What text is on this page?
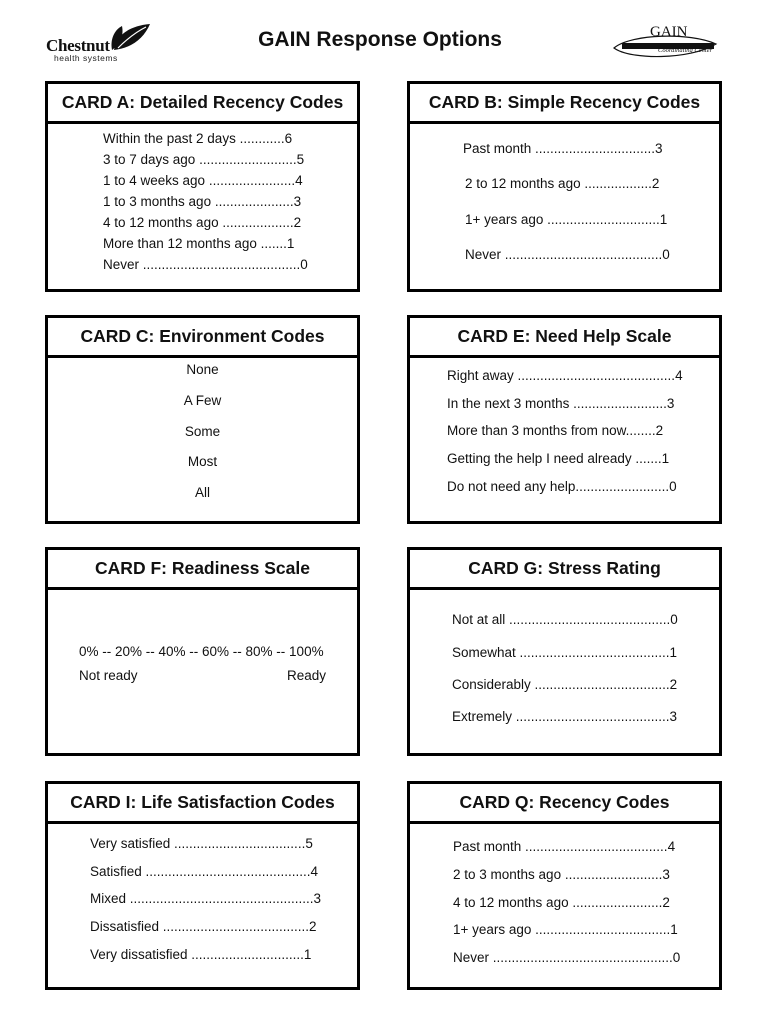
Chestnut
health systems
GAIN Response Options	GAIN
Coordinating Center
CARD A: Detailed Recency Codes
Within the past 2 days ............6
3 to 7 days ago ..........................5
1 to 4 weeks ago .......................4
1 to 3 months ago .....................3
4 to 12 months ago ...................2
More than 12 months ago .......1
Never ..........................................0
CARD B: Simple Recency Codes
Past month ................................3
2 to 12 months ago ..................2
1+ years ago ..............................1
Never ..........................................0
CARD C: Environment Codes
None
A Few
Some
Most
All
CARD E: Need Help Scale
Right away ..........................................4
In the next 3 months .........................3
More than 3 months from now........2
Getting the help I need already .......1
Do not need any help.........................0
CARD F: Readiness Scale
0% -- 20% -- 40% -- 60% -- 80% -- 100%
Not ready	Ready
CARD G: Stress Rating
Not at all ...........................................0
Somewhat ........................................1
Considerably ....................................2
Extremely .........................................3
CARD I: Life Satisfaction Codes
Very satisfied ...................................5
Satisfied ............................................4
Mixed .................................................3
Dissatisfied .......................................2
Very dissatisfied ..............................1
CARD Q: Recency Codes
Past month ......................................4
2 to 3 months ago ..........................3
4 to 12 months ago ........................2
1+ years ago ....................................1
Never ................................................0
